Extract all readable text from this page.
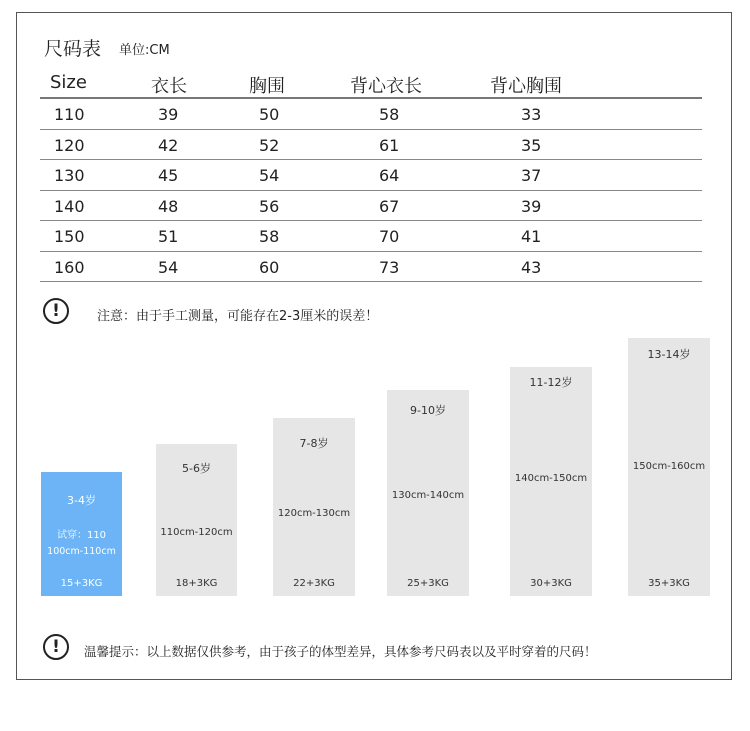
尺码表 单位:CM
Size	衣长	胸围	背心衣长	背心胸围
110	39	50	58	33
120	42	52	61	35
130	45	54	64	37
140	48	56	67	39
150	51	58	70	41
160	54	60	73	43
!	注意：由于手工测量，可能存在2-3厘米的误差！
3-4岁
试穿：110
100cm-110cm
15+3KG
5-6岁
110cm-120cm
18+3KG
7-8岁
120cm-130cm
22+3KG
9-10岁
130cm-140cm
25+3KG
11-12岁
140cm-150cm
30+3KG
13-14岁
150cm-160cm
35+3KG
!	温馨提示：以上数据仅供参考，由于孩子的体型差异，具体参考尺码表以及平时穿着的尺码！
